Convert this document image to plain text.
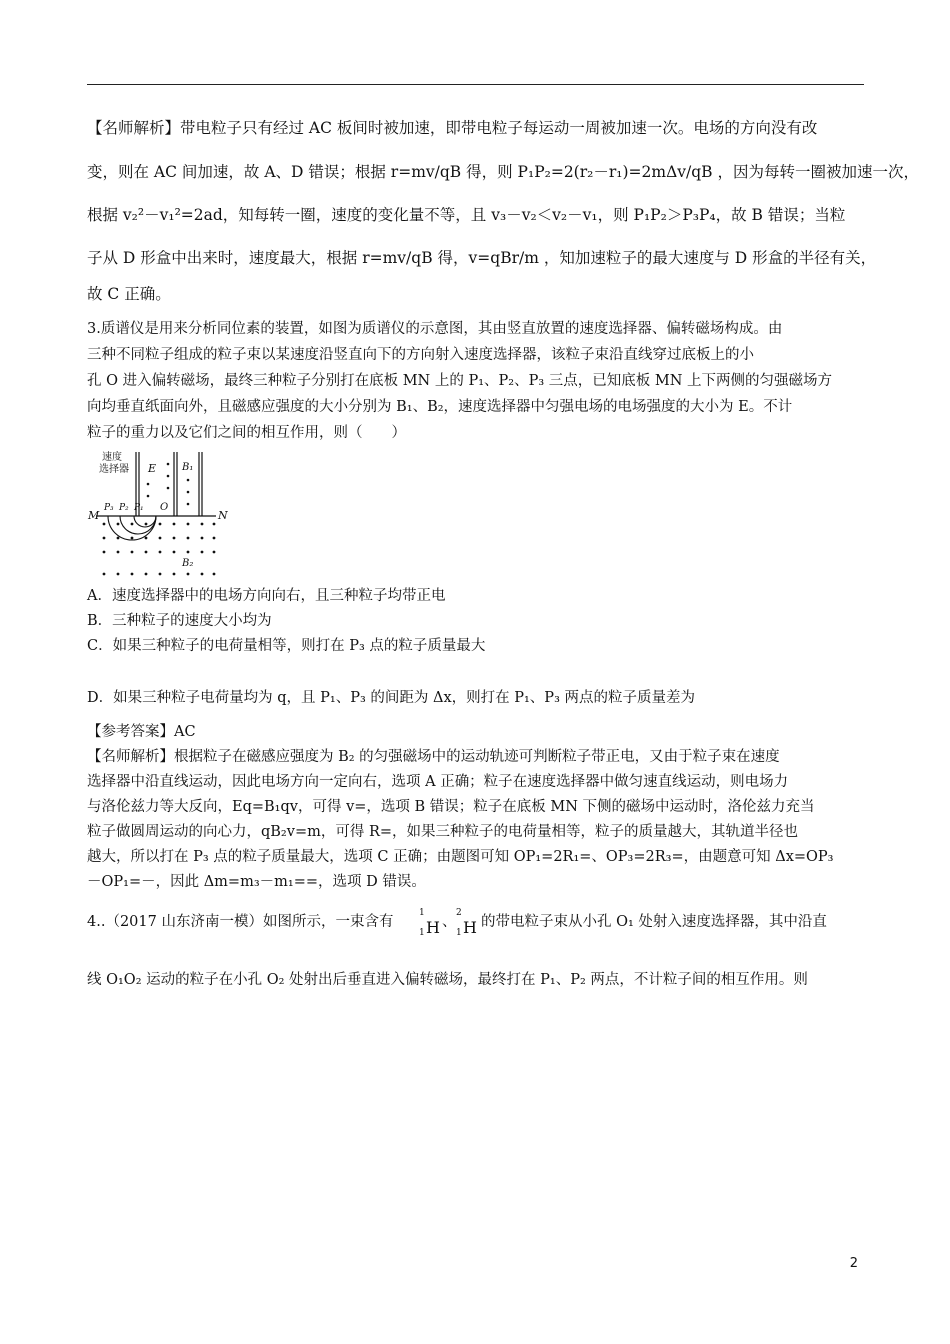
【名师解析】带电粒子只有经过 AC 板间时被加速，即带电粒子每运动一周被加速一次。电场的方向没有改
变，则在 AC 间加速，故 A、D 错误；根据 r=mv/qB 得，则 P₁P₂=2(r₂－r₁)=2mΔv/qB ，因为每转一圈被加速一次，
根据 v₂²－v₁²=2ad，知每转一圈，速度的变化量不等，且 v₃－v₂＜v₂－v₁，则 P₁P₂＞P₃P₄，故 B 错误；当粒
子从 D 形盒中出来时，速度最大，根据 r=mv/qB 得，v=qBr/m ，知加速粒子的最大速度与 D 形盒的半径有关，
故 C 正确。
3.质谱仪是用来分析同位素的装置，如图为质谱仪的示意图，其由竖直放置的速度选择器、偏转磁场构成。由
三种不同粒子组成的粒子束以某速度沿竖直向下的方向射入速度选择器，该粒子束沿直线穿过底板上的小
孔 O 进入偏转磁场，最终三种粒子分别打在底板 MN 上的 P₁、P₂、P₃ 三点，已知底板 MN 上下两侧的匀强磁场方
向均垂直纸面向外，且磁感应强度的大小分别为 B₁、B₂，速度选择器中匀强电场的电场强度的大小为 E。不计
粒子的重力以及它们之间的相互作用，则（　　）
速度
选择器 E	B₁
M	N
P₃ P₂ P₁ O
B₂
A．速度选择器中的电场方向向右，且三种粒子均带正电
B．三种粒子的速度大小均为
C．如果三种粒子的电荷量相等，则打在 P₃ 点的粒子质量最大
D．如果三种粒子电荷量均为 q，且 P₁、P₃ 的间距为 Δx，则打在 P₁、P₃ 两点的粒子质量差为
【参考答案】AC
【名师解析】根据粒子在磁感应强度为 B₂ 的匀强磁场中的运动轨迹可判断粒子带正电，又由于粒子束在速度
选择器中沿直线运动，因此电场方向一定向右，选项 A 正确；粒子在速度选择器中做匀速直线运动，则电场力
与洛伦兹力等大反向，Eq=B₁qv，可得 v=，选项 B 错误；粒子在底板 MN 下侧的磁场中运动时，洛伦兹力充当
粒子做圆周运动的向心力，qB₂v=m，可得 R=，如果三种粒子的电荷量相等，粒子的质量越大，其轨道半径也
越大，所以打在 P₃ 点的粒子质量最大，选项 C 正确；由题图可知 OP₁=2R₁=、OP₃=2R₃=，由题意可知 Δx=OP₃
－OP₁=－，因此 Δm=m₃－m₁==，选项 D 错误。
4..（2017 山东济南一模）如图所示，一束含有
1
1 H 、
2
1 H 的带电粒子束从小孔 O₁ 处射入速度选择器，其中沿直
线 O₁O₂ 运动的粒子在小孔 O₂ 处射出后垂直进入偏转磁场，最终打在 P₁、P₂ 两点，不计粒子间的相互作用。则
2
